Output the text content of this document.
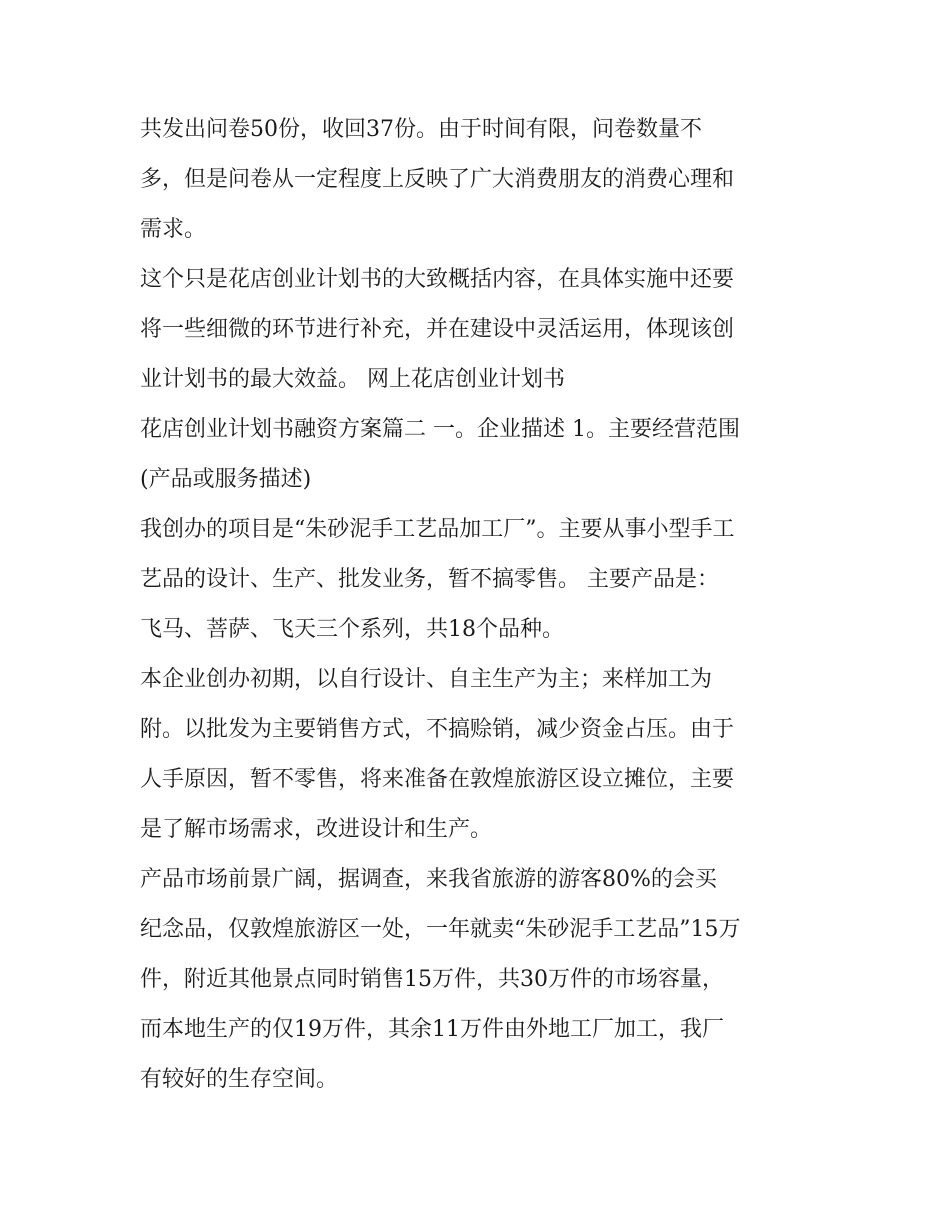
共发出问卷50份，收回37份。由于时间有限，问卷数量不
多，但是问卷从一定程度上反映了广大消费朋友的消费心理和
需求。

这个只是花店创业计划书的大致概括内容，在具体实施中还要
将一些细微的环节进行补充，并在建设中灵活运用，体现该创
业计划书的最大效益。 网上花店创业计划书

花店创业计划书融资方案篇二 一。企业描述 1。主要经营范围
(产品或服务描述)

我创办的项目是“朱砂泥手工艺品加工厂”。主要从事小型手工
艺品的设计、生产、批发业务，暂不搞零售。 主要产品是：
飞马、菩萨、飞天三个系列，共18个品种。

本企业创办初期，以自行设计、自主生产为主；来样加工为
附。以批发为主要销售方式，不搞赊销，减少资金占压。由于
人手原因，暂不零售，将来准备在敦煌旅游区设立摊位，主要
是了解市场需求，改进设计和生产。

产品市场前景广阔，据调查，来我省旅游的游客80%的会买
纪念品，仅敦煌旅游区一处，一年就卖“朱砂泥手工艺品”15万
件，附近其他景点同时销售15万件，共30万件的市场容量，
而本地生产的仅19万件，其余11万件由外地工厂加工，我厂
有较好的生存空间。
